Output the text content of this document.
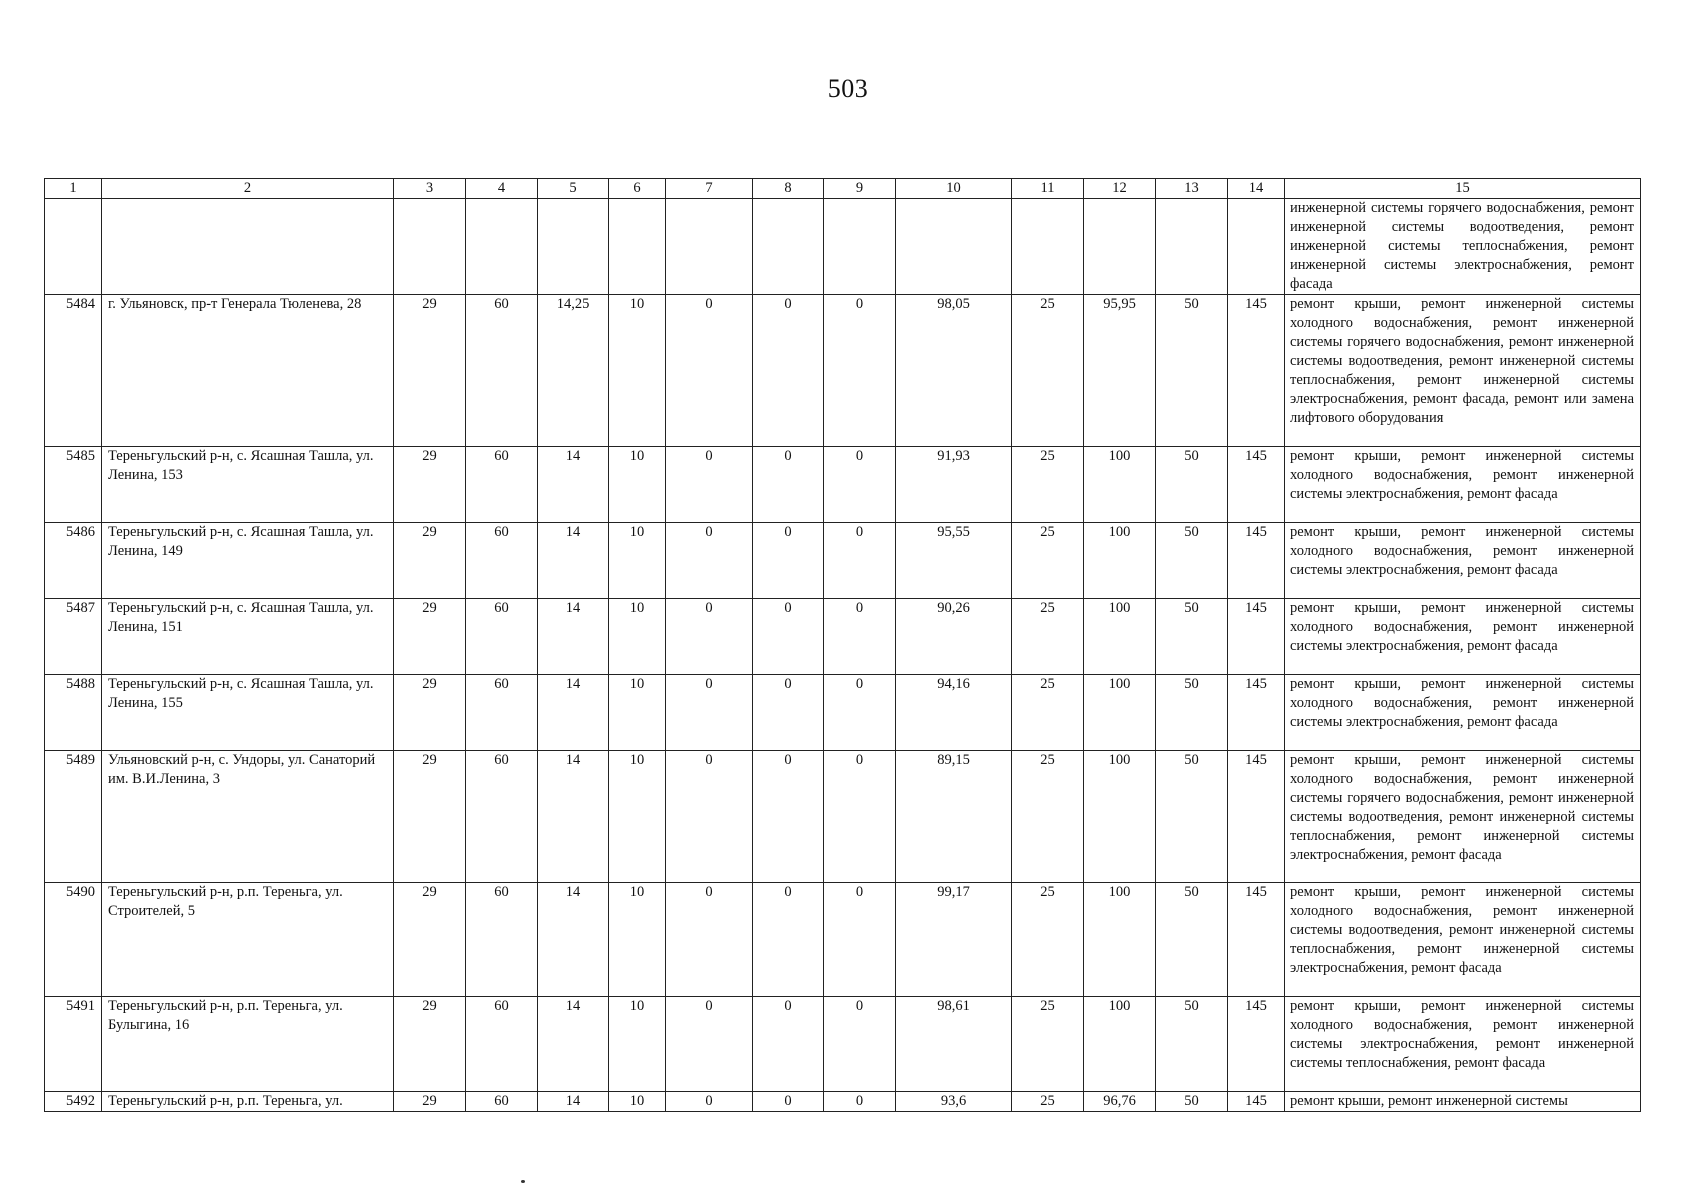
503
1	2	3	4	5	6	7	8	9	10	11	12	13	14	15
														инженерной системы горячего водоснабжения, ремонт инженерной системы водоотведения, ремонт инженерной системы теплоснабжения, ремонт инженерной системы электроснабжения, ремонт фасада
5484	г. Ульяновск, пр-т Генерала Тюленева, 28	29	60	14,25	10	0	0	0	98,05	25	95,95	50	145	ремонт крыши, ремонт инженерной системы холодного водоснабжения, ремонт инженерной системы горячего водоснабжения, ремонт инженерной системы водоотведения, ремонт инженерной системы теплоснабжения, ремонт инженерной системы электроснабжения, ремонт фасада, ремонт или замена лифтового оборудования
5485	Тереньгульский р-н, с. Ясашная Ташла, ул. Ленина, 153	29	60	14	10	0	0	0	91,93	25	100	50	145	ремонт крыши, ремонт инженерной системы холодного водоснабжения, ремонт инженерной системы электроснабжения, ремонт фасада
5486	Тереньгульский р-н, с. Ясашная Ташла, ул. Ленина, 149	29	60	14	10	0	0	0	95,55	25	100	50	145	ремонт крыши, ремонт инженерной системы холодного водоснабжения, ремонт инженерной системы электроснабжения, ремонт фасада
5487	Тереньгульский р-н, с. Ясашная Ташла, ул. Ленина, 151	29	60	14	10	0	0	0	90,26	25	100	50	145	ремонт крыши, ремонт инженерной системы холодного водоснабжения, ремонт инженерной системы электроснабжения, ремонт фасада
5488	Тереньгульский р-н, с. Ясашная Ташла, ул. Ленина, 155	29	60	14	10	0	0	0	94,16	25	100	50	145	ремонт крыши, ремонт инженерной системы холодного водоснабжения, ремонт инженерной системы электроснабжения, ремонт фасада
5489	Ульяновский р-н, с. Ундоры, ул. Санаторий им. В.И.Ленина, 3	29	60	14	10	0	0	0	89,15	25	100	50	145	ремонт крыши, ремонт инженерной системы холодного водоснабжения, ремонт инженерной системы горячего водоснабжения, ремонт инженерной системы водоотведения, ремонт инженерной системы теплоснабжения, ремонт инженерной системы электроснабжения, ремонт фасада
5490	Тереньгульский р-н, р.п. Тереньга, ул. Строителей, 5	29	60	14	10	0	0	0	99,17	25	100	50	145	ремонт крыши, ремонт инженерной системы холодного водоснабжения, ремонт инженерной системы водоотведения, ремонт инженерной системы теплоснабжения, ремонт инженерной системы электроснабжения, ремонт фасада
5491	Тереньгульский р-н, р.п. Тереньга, ул. Булыгина, 16	29	60	14	10	0	0	0	98,61	25	100	50	145	ремонт крыши, ремонт инженерной системы холодного водоснабжения, ремонт инженерной системы электроснабжения, ремонт инженерной системы теплоснабжения, ремонт фасада
5492	Тереньгульский р-н, р.п. Тереньга, ул.	29	60	14	10	0	0	0	93,6	25	96,76	50	145	ремонт крыши, ремонт инженерной системы
